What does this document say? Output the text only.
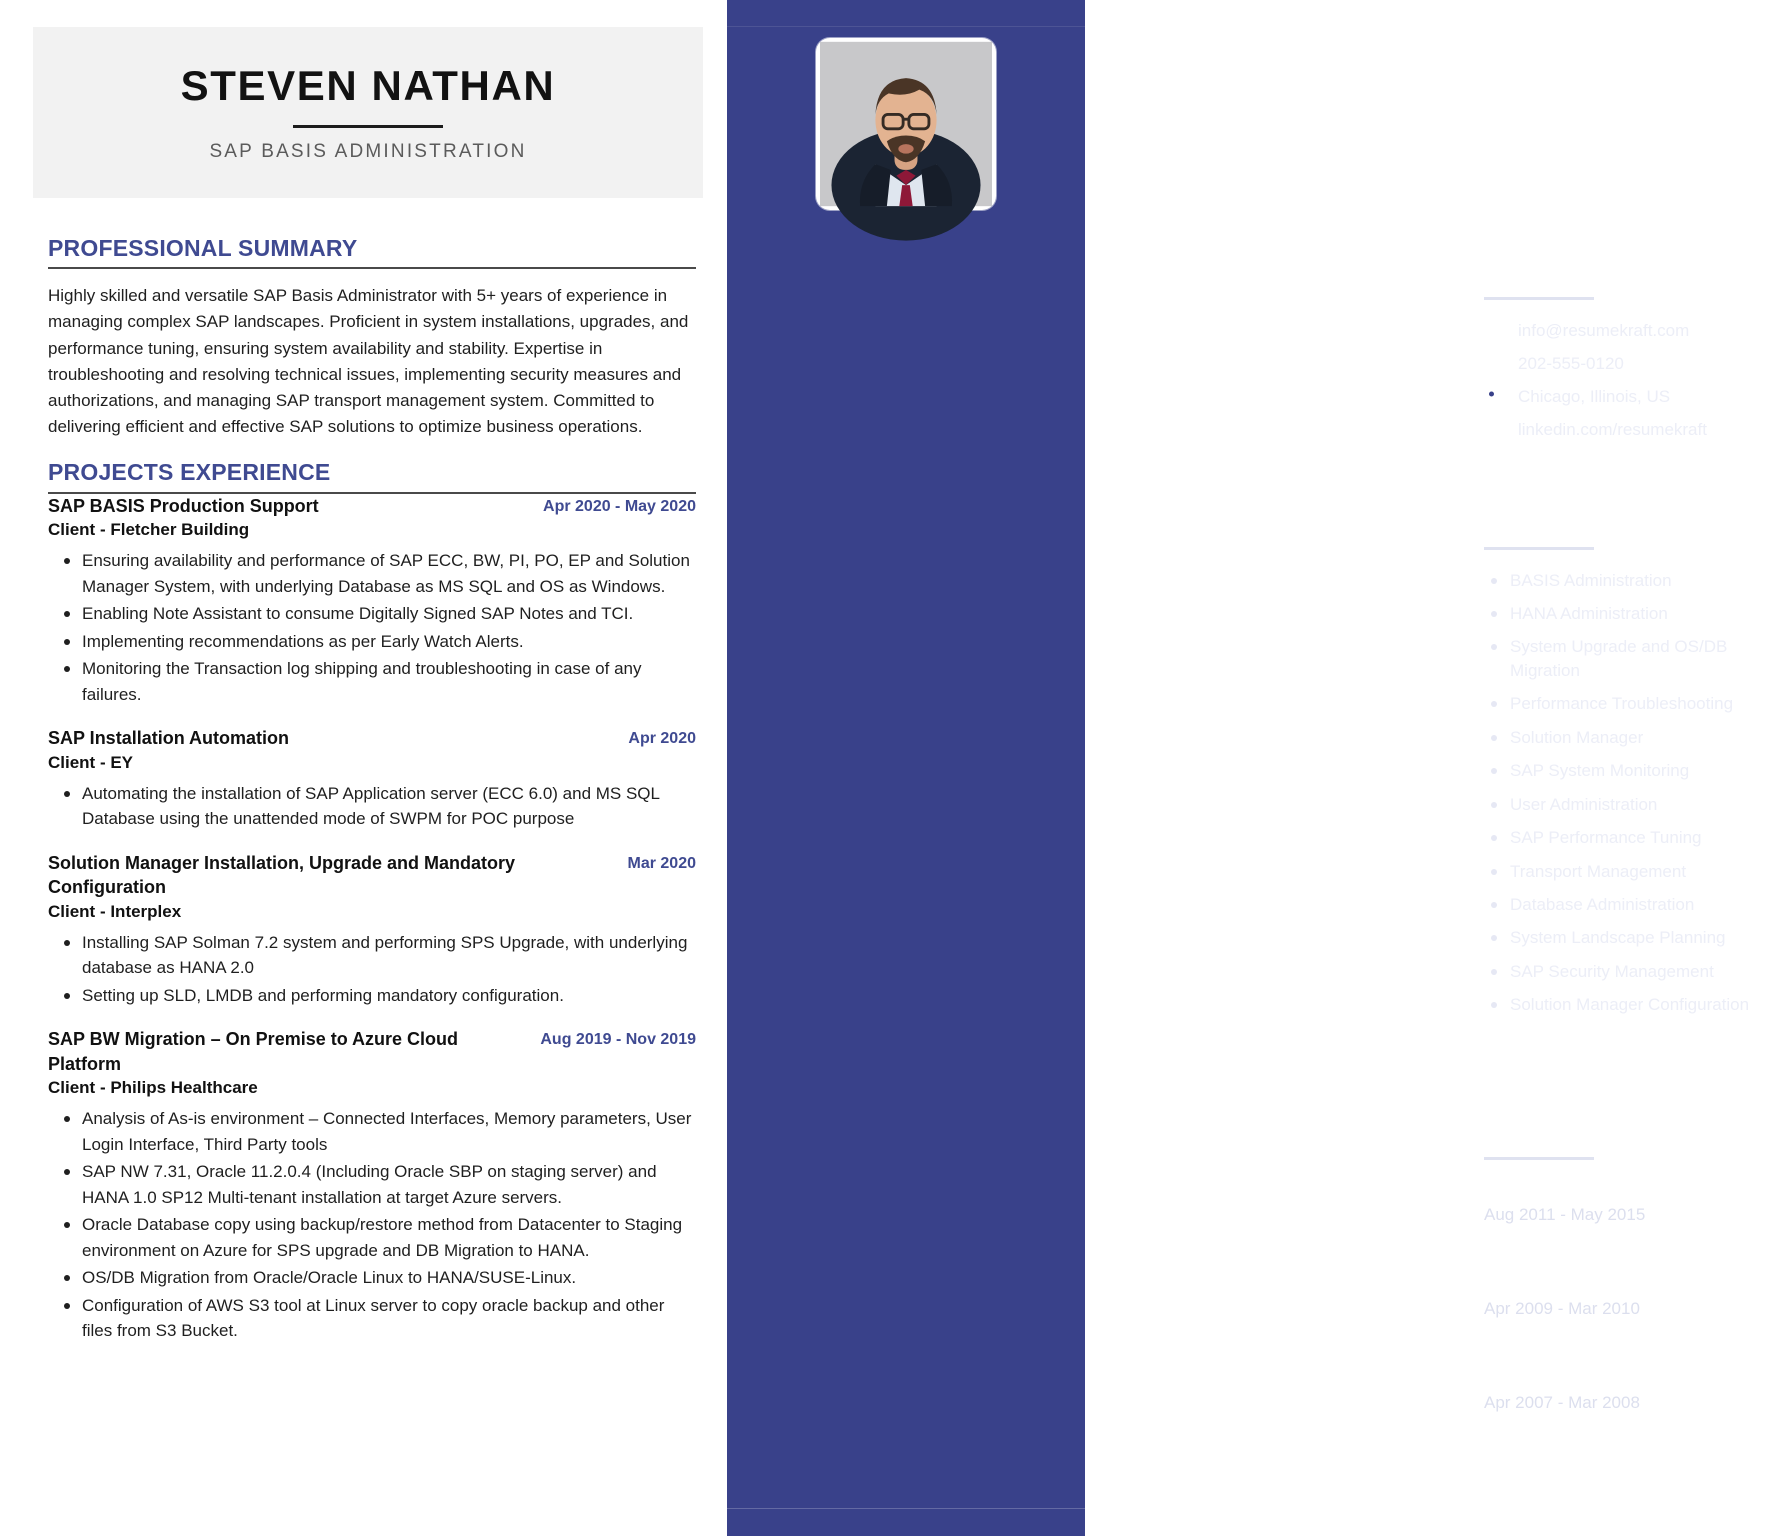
STEVEN NATHAN
SAP BASIS ADMINISTRATION
PROFESSIONAL SUMMARY

Highly skilled and versatile SAP Basis Administrator with 5+ years of experience in managing complex SAP landscapes. Proficient in system installations, upgrades, and performance tuning, ensuring system availability and stability. Expertise in troubleshooting and resolving technical issues, implementing security measures and authorizations, and managing SAP transport management system. Committed to delivering efficient and effective SAP solutions to optimize business operations.

PROJECTS EXPERIENCE
SAP BASIS Production Support
Client - Fletcher Building
Apr 2020 - May 2020
Ensuring availability and performance of SAP ECC, BW, PI, PO, EP and Solution Manager System, with underlying Database as MS SQL and OS as Windows.
Enabling Note Assistant to consume Digitally Signed SAP Notes and TCI.
Implementing recommendations as per Early Watch Alerts.
Monitoring the Transaction log shipping and troubleshooting in case of any failures.
SAP Installation Automation
Client - EY
Apr 2020
Automating the installation of SAP Application server (ECC 6.0) and MS SQL Database using the unattended mode of SWPM for POC purpose
Solution Manager Installation, Upgrade and Mandatory Configuration
Client - Interplex
Mar 2020
Installing SAP Solman 7.2 system and performing SPS Upgrade, with underlying database as HANA 2.0
Setting up SLD, LMDB and performing mandatory configuration.
SAP BW Migration – On Premise to Azure Cloud Platform
Client - Philips Healthcare
Aug 2019 - Nov 2019
Analysis of As-is environment – Connected Interfaces, Memory parameters, User Login Interface, Third Party tools
SAP NW 7.31, Oracle 11.2.0.4 (Including Oracle SBP on staging server) and HANA 1.0 SP12 Multi-tenant installation at target Azure servers.
Oracle Database copy using backup/restore method from Datacenter to Staging environment on Azure for SPS upgrade and DB Migration to HANA.
OS/DB Migration from Oracle/Oracle Linux to HANA/SUSE-Linux.
Configuration of AWS S3 tool at Linux server to copy oracle backup and other files from S3 Bucket.
CONTACT
info@resumekraft.com
202-555-0120
Chicago, Illinois, US
linkedin.com/resumekraft
SKILLS
BASIS Administration
HANA Administration
System Upgrade and OS/DB Migration
Performance Troubleshooting
Solution Manager
SAP System Monitoring
User Administration
SAP Performance Tuning
Transport Management
Database Administration
System Landscape Planning
SAP Security Management
Solution Manager Configuration
EDUCATION
B.E. (IT)
Aug 2011 - May 2015
San Jose State University
Intermediate (XII)
Apr 2009 - Mar 2010
Northeastern University
Matriculation (X)
Apr 2007 - Mar 2008
Arizona State University
